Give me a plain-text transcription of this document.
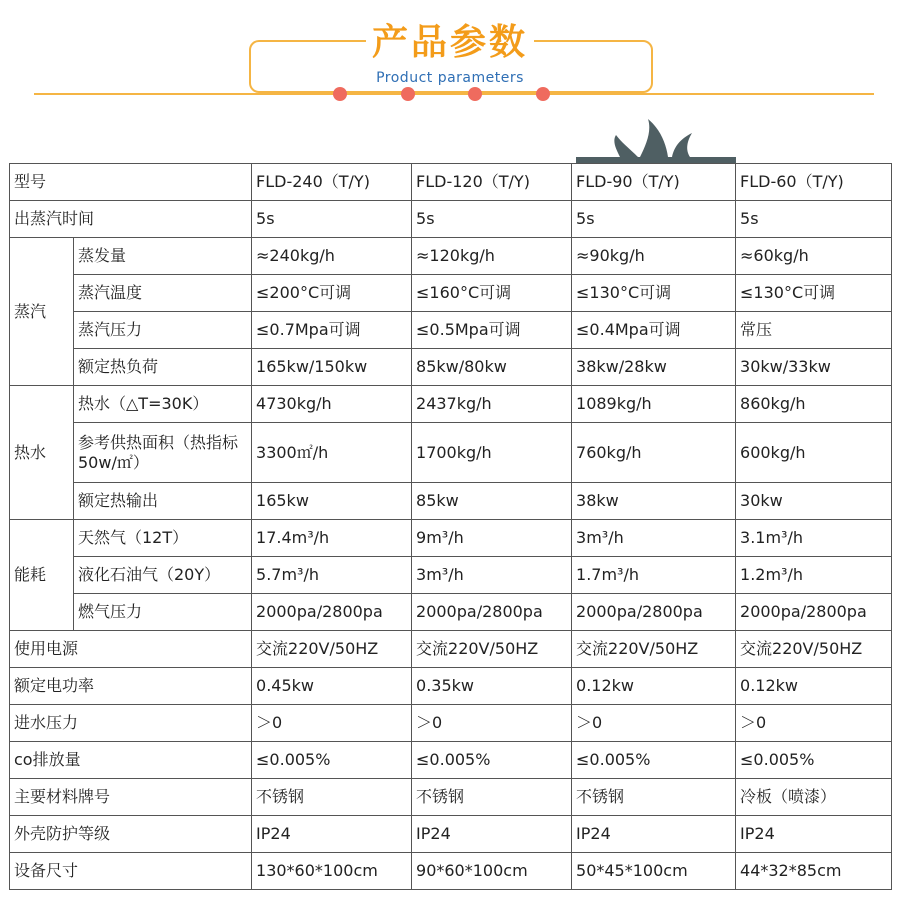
产品参数
Product parameters
型号		FLD-240（T/Y)	FLD-120（T/Y)	FLD-90（T/Y)	FLD-60（T/Y)
出蒸汽时间		5s	5s	5s	5s
蒸汽	蒸发量	≈240kg/h	≈120kg/h	≈90kg/h	≈60kg/h
	蒸汽温度	≤200°C可调	≤160°C可调	≤130°C可调	≤130°C可调
	蒸汽压力	≤0.7Mpa可调	≤0.5Mpa可调	≤0.4Mpa可调	常压
	额定热负荷	165kw/150kw	85kw/80kw	38kw/28kw	30kw/33kw
热水	热水（△T=30K）	4730kg/h	2437kg/h	1089kg/h	860kg/h
	参考供热面积（热指标50w/㎡）	3300㎡/h	1700kg/h	760kg/h	600kg/h
	额定热输出	165kw	85kw	38kw	30kw
能耗	天然气（12T）	17.4m³/h	9m³/h	3m³/h	3.1m³/h
	液化石油气（20Y）	5.7m³/h	3m³/h	1.7m³/h	1.2m³/h
	燃气压力	2000pa/2800pa	2000pa/2800pa	2000pa/2800pa	2000pa/2800pa
使用电源		交流220V/50HZ	交流220V/50HZ	交流220V/50HZ	交流220V/50HZ
额定电功率		0.45kw	0.35kw	0.12kw	0.12kw
进水压力		＞0	＞0	＞0	＞0
co排放量		≤0.005%	≤0.005%	≤0.005%	≤0.005%
主要材料牌号		不锈钢	不锈钢	不锈钢	冷板（喷漆）
外壳防护等级		IP24	IP24	IP24	IP24
设备尺寸		130*60*100cm	90*60*100cm	50*45*100cm	44*32*85cm
